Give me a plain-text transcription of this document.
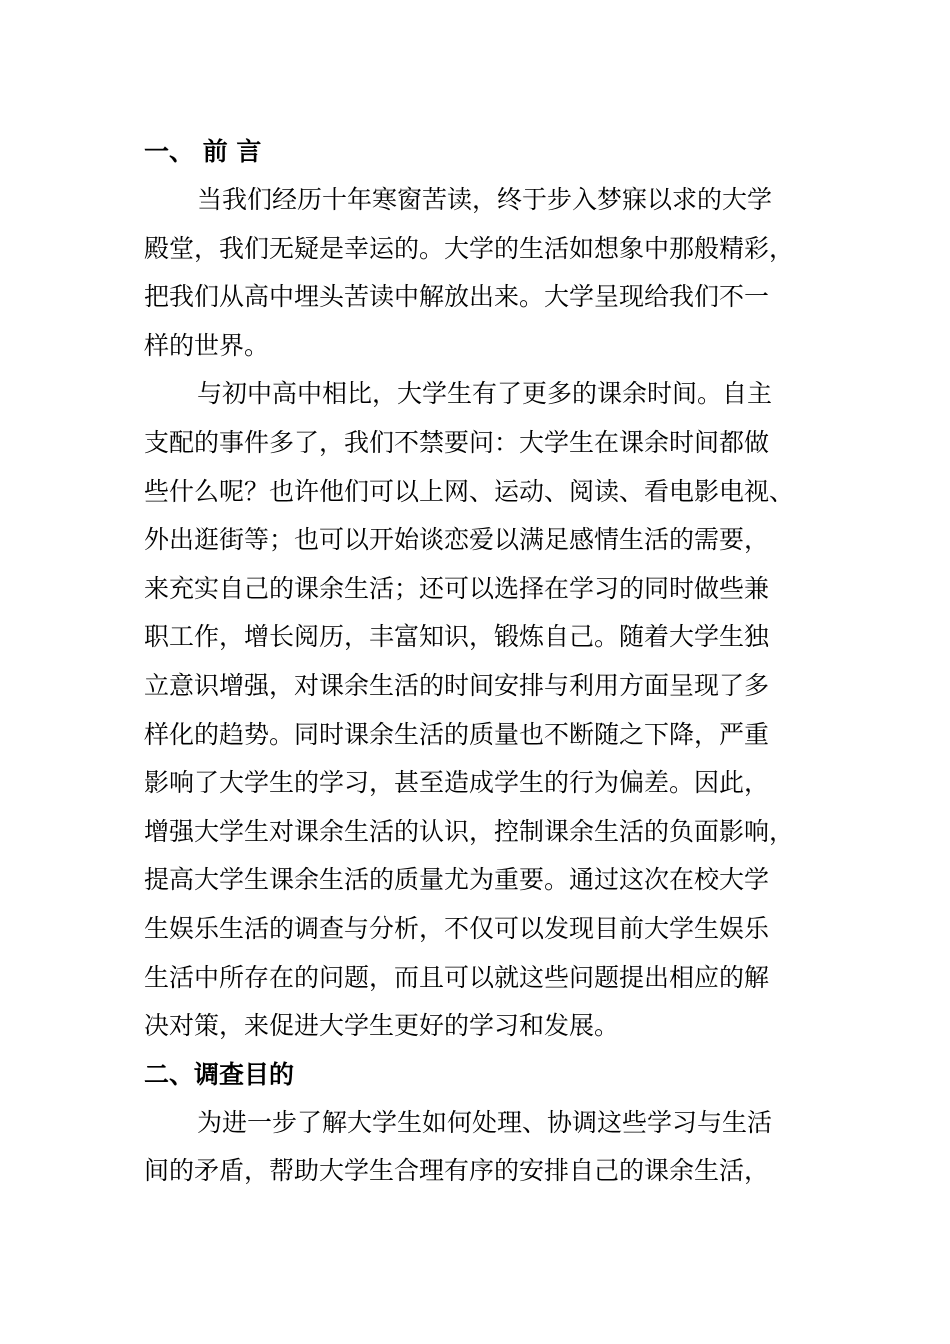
一、 前 言

当我们经历十年寒窗苦读，终于步入梦寐以求的大学
殿堂，我们无疑是幸运的。大学的生活如想象中那般精彩，
把我们从高中埋头苦读中解放出来。大学呈现给我们不一
样的世界。

与初中高中相比，大学生有了更多的课余时间。自主
支配的事件多了，我们不禁要问：大学生在课余时间都做
些什么呢？也许他们可以上网、运动、阅读、看电影电视、
外出逛街等；也可以开始谈恋爱以满足感情生活的需要，
来充实自己的课余生活；还可以选择在学习的同时做些兼
职工作，增长阅历，丰富知识，锻炼自己。随着大学生独
立意识增强，对课余生活的时间安排与利用方面呈现了多
样化的趋势。同时课余生活的质量也不断随之下降，严重
影响了大学生的学习，甚至造成学生的行为偏差。因此，
增强大学生对课余生活的认识，控制课余生活的负面影响，
提高大学生课余生活的质量尤为重要。通过这次在校大学
生娱乐生活的调查与分析，不仅可以发现目前大学生娱乐
生活中所存在的问题，而且可以就这些问题提出相应的解
决对策，来促进大学生更好的学习和发展。

二、调查目的

为进一步了解大学生如何处理、协调这些学习与生活
间的矛盾，帮助大学生合理有序的安排自己的课余生活，
